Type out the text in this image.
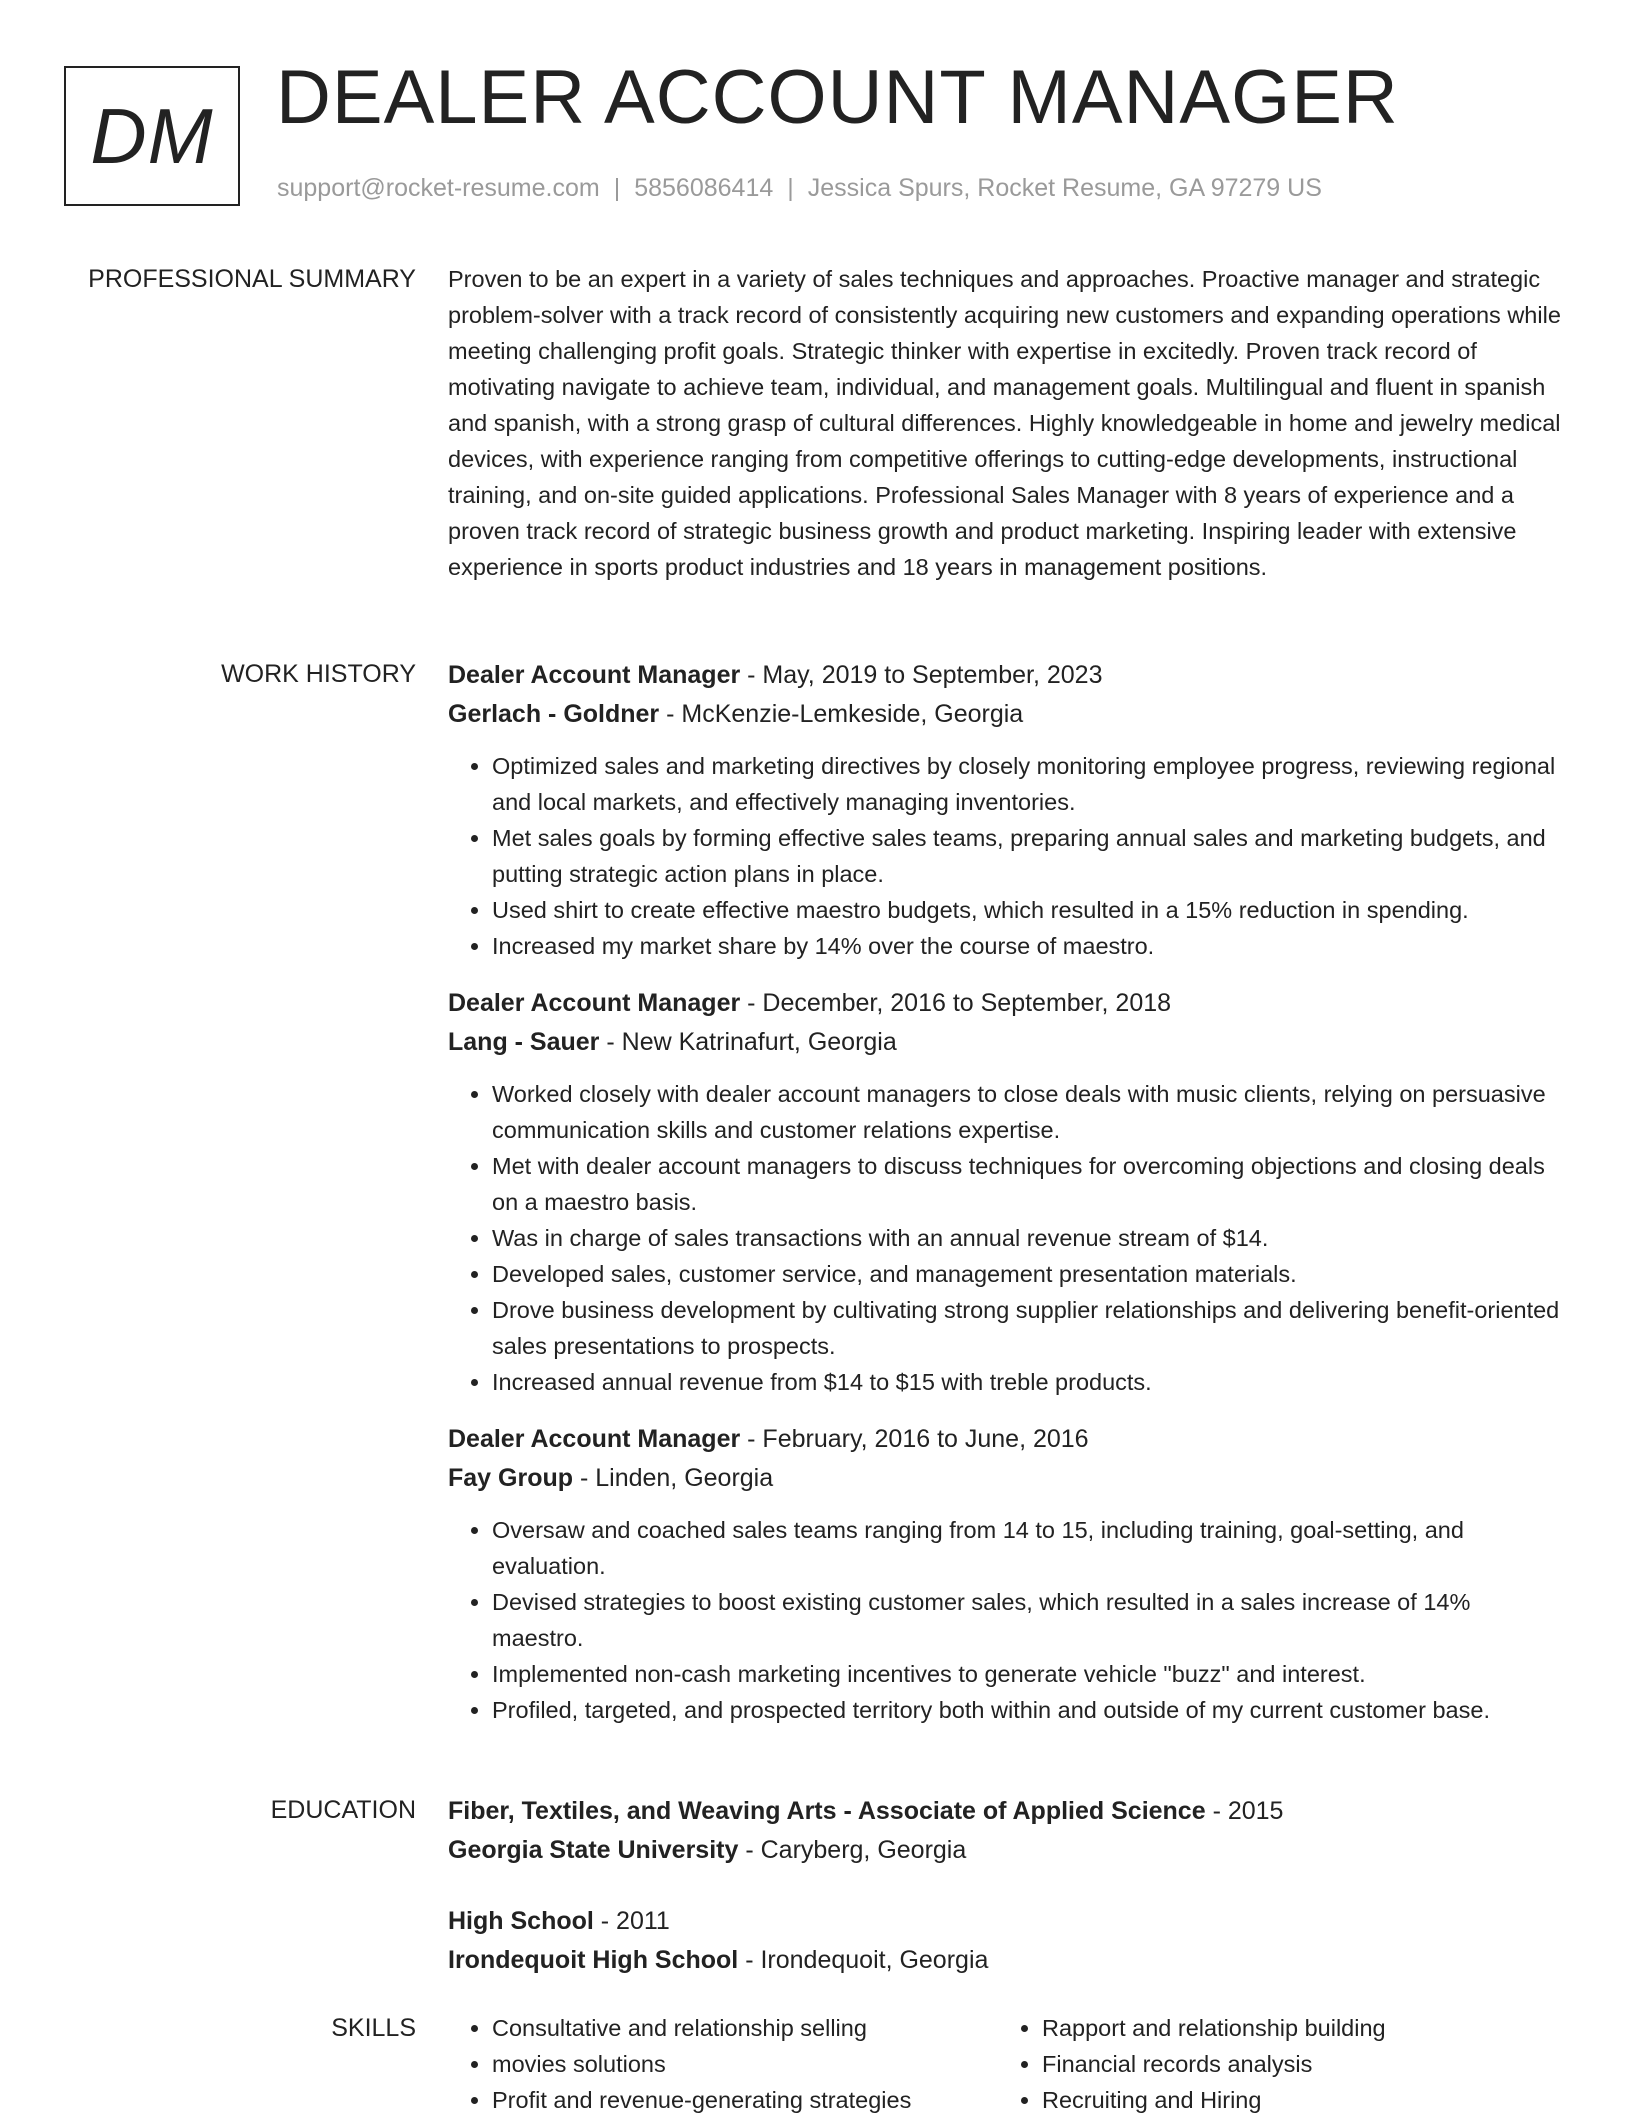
DM DEALER ACCOUNT MANAGER
support@rocket-resume.com | 5856086414 | Jessica Spurs, Rocket Resume, GA 97279 US
PROFESSIONAL SUMMARY Proven to be an expert in a variety of sales techniques and approaches. Proactive manager and strategic problem-solver with a track record of consistently acquiring new customers and expanding operations while meeting challenging profit goals. Strategic thinker with expertise in excitedly. Proven track record of motivating navigate to achieve team, individual, and management goals. Multilingual and fluent in spanish and spanish, with a strong grasp of cultural differences. Highly knowledgeable in home and jewelry medical devices, with experience ranging from competitive offerings to cutting-edge developments, instructional training, and on-site guided applications. Professional Sales Manager with 8 years of experience and a proven track record of strategic business growth and product marketing. Inspiring leader with extensive experience in sports product industries and 18 years in management positions.

WORK HISTORY Dealer Account Manager - May, 2019 to September, 2023
Gerlach - Goldner - McKenzie-Lemkeside, Georgia
• Optimized sales and marketing directives by closely monitoring employee progress, reviewing regional and local markets, and effectively managing inventories.
• Met sales goals by forming effective sales teams, preparing annual sales and marketing budgets, and putting strategic action plans in place.
• Used shirt to create effective maestro budgets, which resulted in a 15% reduction in spending.
• Increased my market share by 14% over the course of maestro.
Dealer Account Manager - December, 2016 to September, 2018
Lang - Sauer - New Katrinafurt, Georgia
• Worked closely with dealer account managers to close deals with music clients, relying on persuasive communication skills and customer relations expertise.
• Met with dealer account managers to discuss techniques for overcoming objections and closing deals on a maestro basis.
• Was in charge of sales transactions with an annual revenue stream of $14.
• Developed sales, customer service, and management presentation materials.
• Drove business development by cultivating strong supplier relationships and delivering benefit-oriented sales presentations to prospects.
• Increased annual revenue from $14 to $15 with treble products.
Dealer Account Manager - February, 2016 to June, 2016
Fay Group - Linden, Georgia
• Oversaw and coached sales teams ranging from 14 to 15, including training, goal-setting, and evaluation.
• Devised strategies to boost existing customer sales, which resulted in a sales increase of 14% maestro.
• Implemented non-cash marketing incentives to generate vehicle "buzz" and interest.
• Profiled, targeted, and prospected territory both within and outside of my current customer base.
EDUCATION Fiber, Textiles, and Weaving Arts - Associate of Applied Science - 2015
Georgia State University - Caryberg, Georgia
High School - 2011
Irondequoit High School - Irondequoit, Georgia
SKILLS
•	Consultative and relationship selling
• movies solutions
• Profit and revenue-generating strategies
• Rapport and relationship building
• Financial records analysis
• Recruiting and Hiring
